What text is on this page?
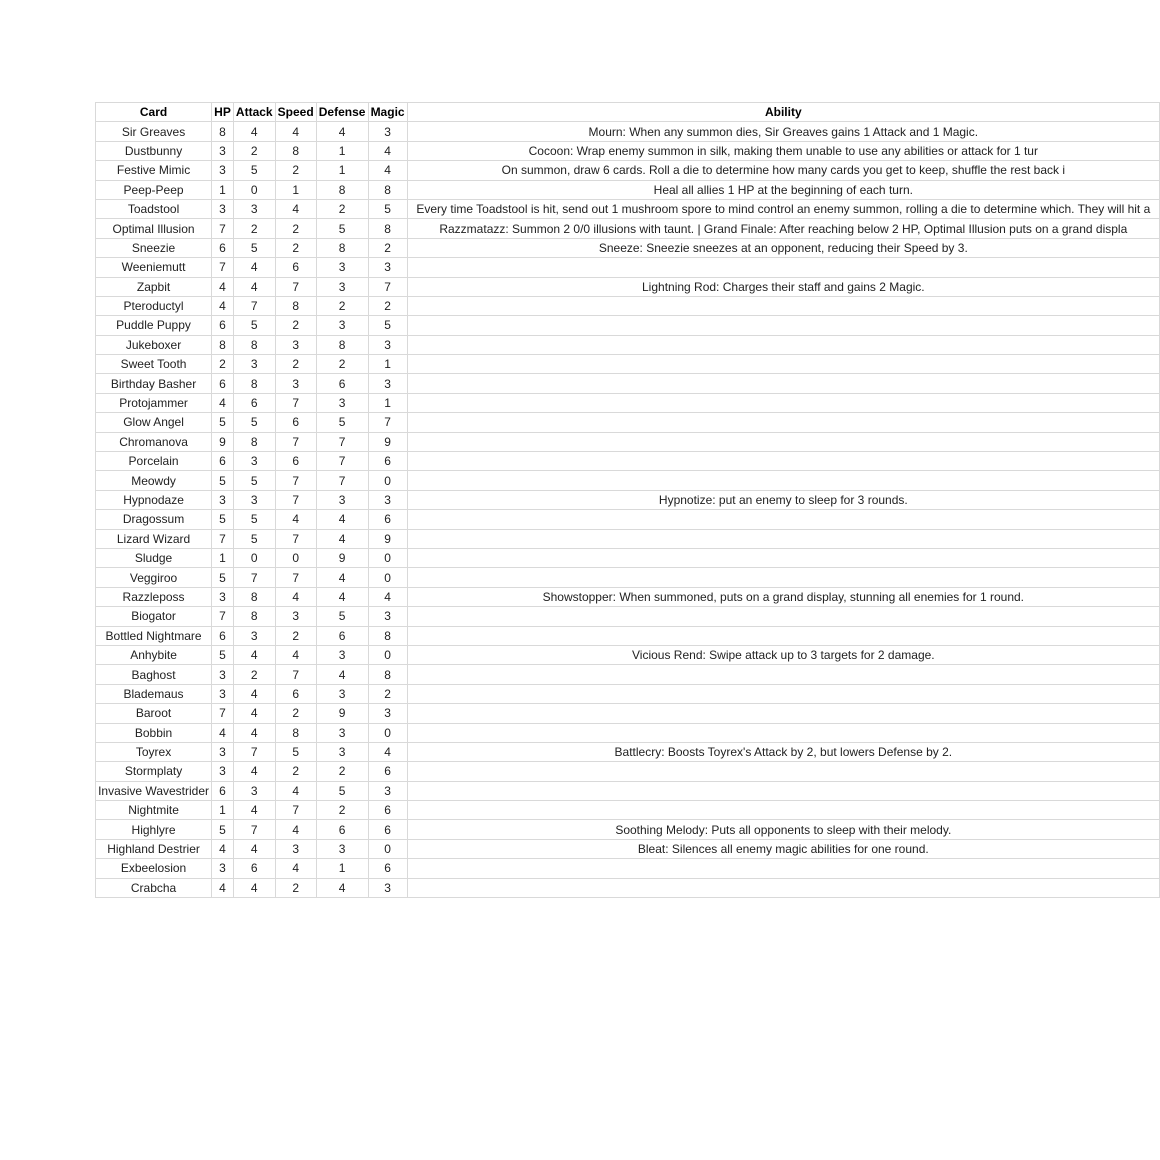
Card	HP	Attack	Speed	Defense	Magic	Ability
Sir Greaves	8	4	4	4	3	Mourn: When any summon dies, Sir Greaves gains 1 Attack and 1 Magic.
Dustbunny	3	2	8	1	4	Cocoon: Wrap enemy summon in silk, making them unable to use any abilities or attack for 1 tur
Festive Mimic	3	5	2	1	4	On summon, draw 6 cards. Roll a die to determine how many cards you get to keep, shuffle the rest back i
Peep-Peep	1	0	1	8	8	Heal all allies 1 HP at the beginning of each turn.
Toadstool	3	3	4	2	5	Every time Toadstool is hit, send out 1 mushroom spore to mind control an enemy summon, rolling a die to determine which. They will hit a
Optimal Illusion	7	2	2	5	8	Razzmatazz: Summon 2 0/0 illusions with taunt. | Grand Finale: After reaching below 2 HP, Optimal Illusion puts on a grand displa
Sneezie	6	5	2	8	2	Sneeze: Sneezie sneezes at an opponent, reducing their Speed by 3.
Weeniemutt	7	4	6	3	3	
Zapbit	4	4	7	3	7	Lightning Rod: Charges their staff and gains 2 Magic.
Pteroductyl	4	7	8	2	2	
Puddle Puppy	6	5	2	3	5	
Jukeboxer	8	8	3	8	3	
Sweet Tooth	2	3	2	2	1	
Birthday Basher	6	8	3	6	3	
Protojammer	4	6	7	3	1	
Glow Angel	5	5	6	5	7	
Chromanova	9	8	7	7	9	
Porcelain	6	3	6	7	6	
Meowdy	5	5	7	7	0	
Hypnodaze	3	3	7	3	3	Hypnotize: put an enemy to sleep for 3 rounds.
Dragossum	5	5	4	4	6	
Lizard Wizard	7	5	7	4	9	
Sludge	1	0	0	9	0	
Veggiroo	5	7	7	4	0	
Razzleposs	3	8	4	4	4	Showstopper: When summoned, puts on a grand display, stunning all enemies for 1 round.
Biogator	7	8	3	5	3	
Bottled Nightmare	6	3	2	6	8	
Anhybite	5	4	4	3	0	Vicious Rend: Swipe attack up to 3 targets for 2 damage.
Baghost	3	2	7	4	8	
Blademaus	3	4	6	3	2	
Baroot	7	4	2	9	3	
Bobbin	4	4	8	3	0	
Toyrex	3	7	5	3	4	Battlecry: Boosts Toyrex's Attack by 2, but lowers Defense by 2.
Stormplaty	3	4	2	2	6	
Invasive Wavestrider	6	3	4	5	3	
Nightmite	1	4	7	2	6	
Highlyre	5	7	4	6	6	Soothing Melody: Puts all opponents to sleep with their melody.
Highland Destrier	4	4	3	3	0	Bleat: Silences all enemy magic abilities for one round.
Exbeelosion	3	6	4	1	6	
Crabcha	4	4	2	4	3	
